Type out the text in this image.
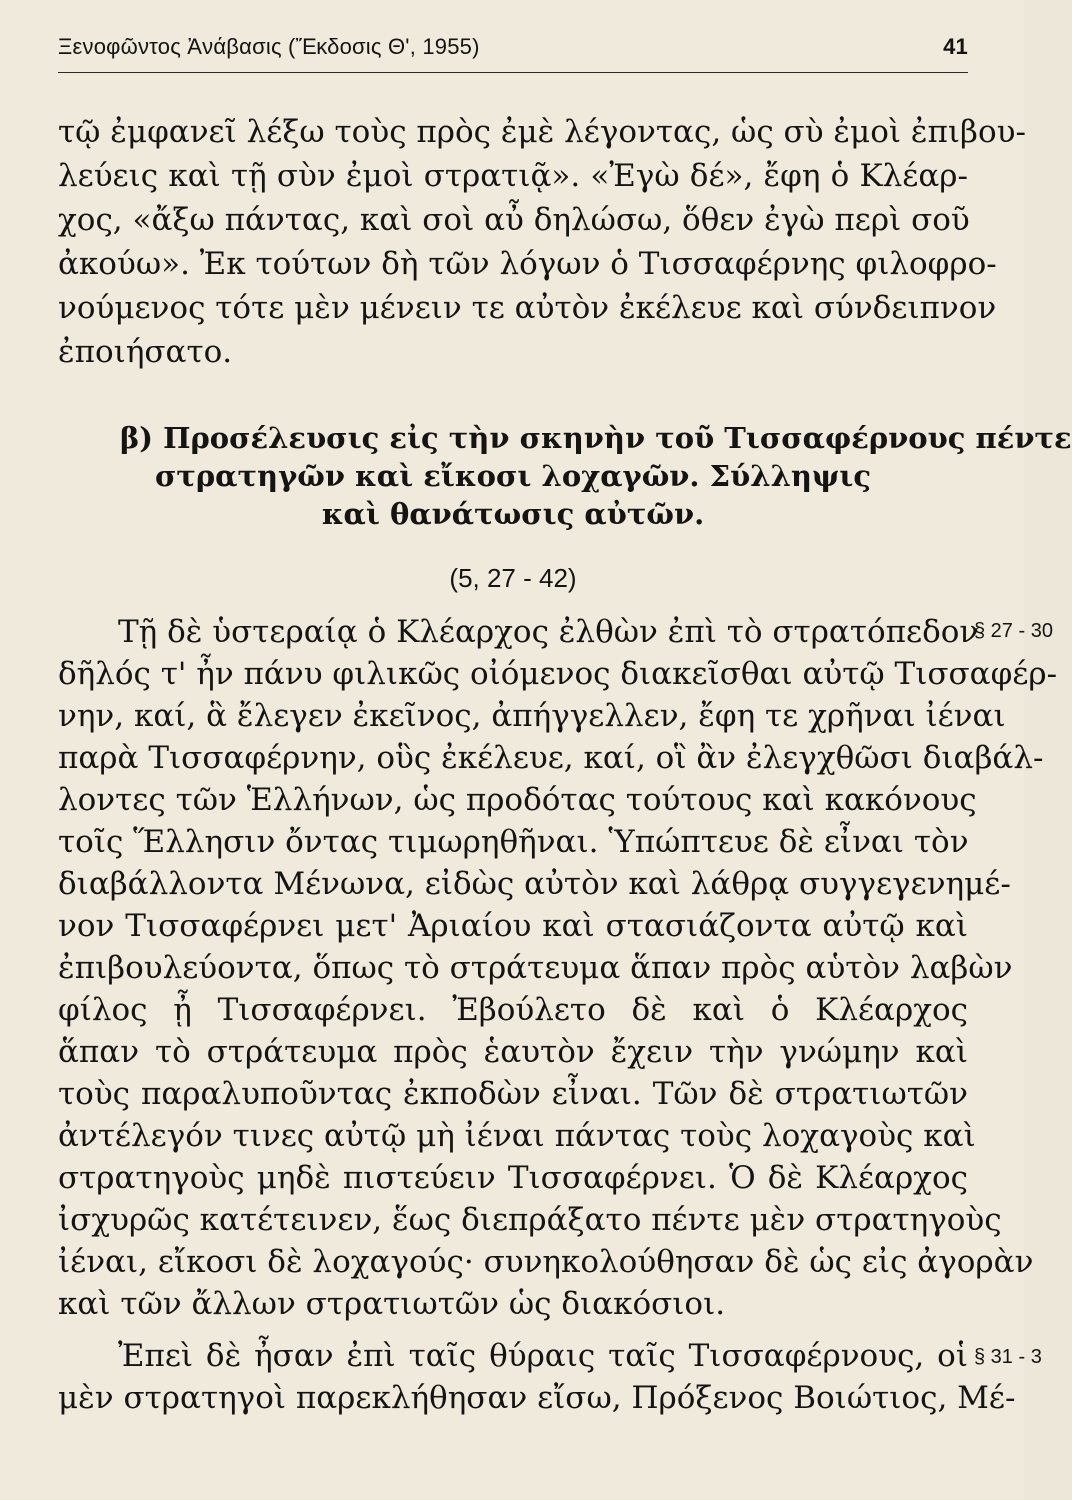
Ξενοφῶντος Ἀνάβασις (Ἔκδοσις Θ', 1955)	41
τῷ ἐμφανεῖ λέξω τοὺς πρὸς ἐμὲ λέγοντας, ὡς σὺ ἐμοὶ ἐπιβου-
λεύεις καὶ τῇ σὺν ἐμοὶ στρατιᾷ». «Ἐγὼ δέ», ἔφη ὁ Κλέαρ-
χος, «ἄξω πάντας, καὶ σοὶ αὖ δηλώσω, ὅθεν ἐγὼ περὶ σοῦ
ἀκούω». Ἐκ τούτων δὴ τῶν λόγων ὁ Τισσαφέρνης φιλοφρο-
νούμενος τότε μὲν μένειν τε αὐτὸν ἐκέλευε καὶ σύνδειπνον
ἐποιήσατο.
β) Προσέλευσις εἰς τὴν σκηνὴν τοῦ Τισσαφέρνους πέντε
στρατηγῶν καὶ εἴκοσι λοχαγῶν. Σύλληψις
καὶ θανάτωσις αὐτῶν.
(5, 27 - 42)
Τῇ δὲ ὑστεραίᾳ ὁ Κλέαρχος ἐλθὼν ἐπὶ τὸ στρατόπεδον
δῆλός τ' ἦν πάνυ φιλικῶς οἰόμενος διακεῖσθαι αὐτῷ Τισσαφέρ-
νην, καί, ἃ ἔλεγεν ἐκεῖνος, ἀπήγγελλεν, ἔφη τε χρῆναι ἰέναι
παρὰ Τισσαφέρνην, οὓς ἐκέλευε, καί, οἳ ἂν ἐλεγχθῶσι διαβάλ-
λοντες τῶν Ἑλλήνων, ὡς προδότας τούτους καὶ κακόνους
τοῖς Ἕλλησιν ὄντας τιμωρηθῆναι. Ὑπώπτευε δὲ εἶναι τὸν
διαβάλλοντα Μένωνα, εἰδὼς αὐτὸν καὶ λάθρᾳ συγγεγενημέ-
νον Τισσαφέρνει μετ' Ἀριαίου καὶ στασιάζοντα αὐτῷ καὶ
ἐπιβουλεύοντα, ὅπως τὸ στράτευμα ἅπαν πρὸς αὑτὸν λαβὼν
φίλος ᾖ Τισσαφέρνει. Ἐβούλετο δὲ καὶ ὁ Κλέαρχος
ἅπαν τὸ στράτευμα πρὸς ἑαυτὸν ἔχειν τὴν γνώμην καὶ
τοὺς παραλυποῦντας ἐκποδὼν εἶναι. Τῶν δὲ στρατιωτῶν
ἀντέλεγόν τινες αὐτῷ μὴ ἰέναι πάντας τοὺς λοχαγοὺς καὶ
στρατηγοὺς μηδὲ πιστεύειν Τισσαφέρνει. Ὁ δὲ Κλέαρχος
ἰσχυρῶς κατέτεινεν, ἕως διεπράξατο πέντε μὲν στρατηγοὺς
ἰέναι, εἴκοσι δὲ λοχαγούς· συνηκολούθησαν δὲ ὡς εἰς ἀγορὰν
καὶ τῶν ἄλλων στρατιωτῶν ὡς διακόσιοι.
Ἐπεὶ δὲ ἦσαν ἐπὶ ταῖς θύραις ταῖς Τισσαφέρνους, οἱ
μὲν στρατηγοὶ παρεκλήθησαν εἴσω, Πρόξενος Βοιώτιος, Μέ-
§ 27 - 30
§ 31 - 3
